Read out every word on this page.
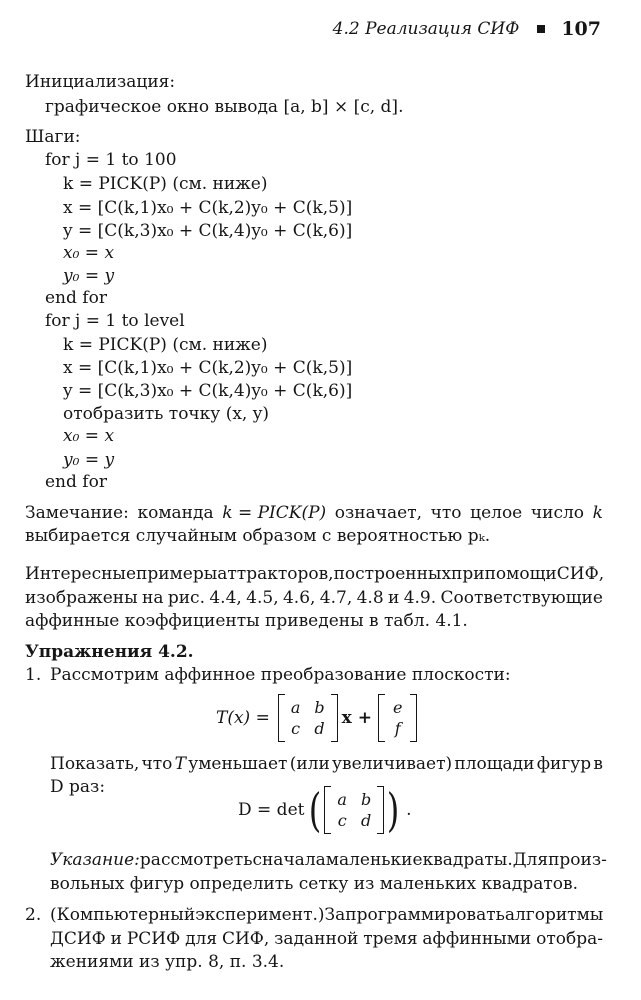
4.2 Реализация СИФ 107
Инициализация:
графическое окно вывода [a, b] × [c, d].
Шаги:
for j = 1 to 100
k = PICK(P) (см. ниже)
x = [C(k,1)x₀ + C(k,2)y₀ + C(k,5)]
y = [C(k,3)x₀ + C(k,4)y₀ + C(k,6)]
x₀ = x
y₀ = y
end for
for j = 1 to level
k = PICK(P) (см. ниже)
x = [C(k,1)x₀ + C(k,2)y₀ + C(k,5)]
y = [C(k,3)x₀ + C(k,4)y₀ + C(k,6)]
отобразить точку (x, y)
x₀ = x
y₀ = y
end for
Замечание: команда k = PICK(P) означает, что целое число k
выбирается случайным образом с вероятностью pₖ.
Интересные примеры аттракторов, построенных при помощи СИФ,
изображены на рис. 4.4, 4.5, 4.6, 4.7, 4.8 и 4.9. Соответствующие
аффинные коэффициенты приведены в табл. 4.1.
Упражнения 4.2.
1. Рассмотрим аффинное преобразование плоскости:
T(x) =
a b
c d
x +
e
f
Показать, что T уменьшает (или увеличивает) площади фигур в
D раз:
D = det ( a b
c d ) .
Указание: рассмотреть сначала маленькие квадраты. Для произ-
вольных фигур определить сетку из маленьких квадратов.
2. (Компьютерный эксперимент.) Запрограммировать алгоритмы
ДСИФ и РСИФ для СИФ, заданной тремя аффинными отобра-
жениями из упр. 8, п. 3.4.
